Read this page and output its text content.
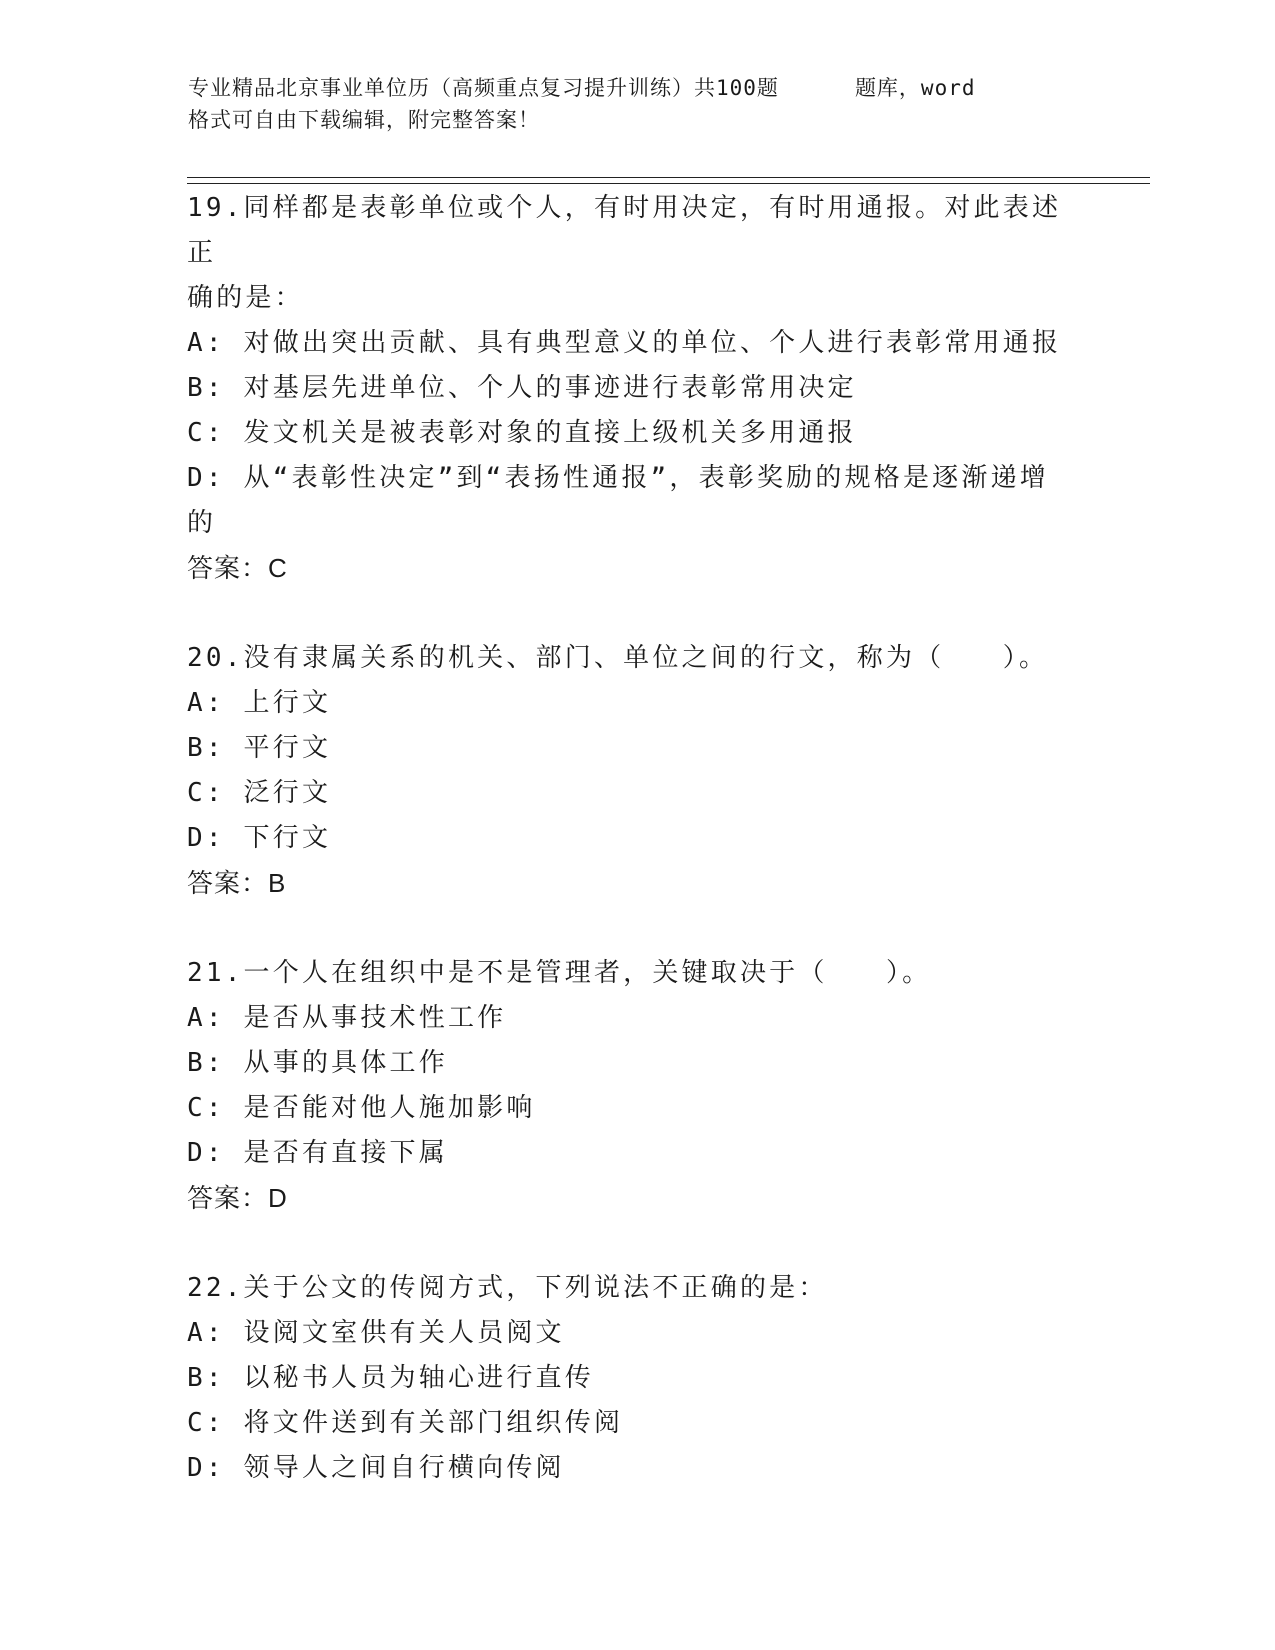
专业精品北京事业单位历（高频重点复习提升训练）共100题	题库，word
格式可自由下载编辑，附完整答案！

19.同样都是表彰单位或个人，有时用决定，有时用通报。对此表述正

确的是：

A: 对做出突出贡献、具有典型意义的单位、个人进行表彰常用通报

B: 对基层先进单位、个人的事迹进行表彰常用决定

C: 发文机关是被表彰对象的直接上级机关多用通报

D: 从“表彰性决定”到“表扬性通报”，表彰奖励的规格是逐渐递增

的

答案：C

20.没有隶属关系的机关、部门、单位之间的行文，称为（　　）。

A: 上行文

B: 平行文

C: 泛行文

D: 下行文

答案：B

21.一个人在组织中是不是管理者，关键取决于（　　）。

A: 是否从事技术性工作

B: 从事的具体工作

C: 是否能对他人施加影响

D: 是否有直接下属

答案：D

22.关于公文的传阅方式，下列说法不正确的是：

A: 设阅文室供有关人员阅文

B: 以秘书人员为轴心进行直传

C: 将文件送到有关部门组织传阅

D: 领导人之间自行横向传阅
